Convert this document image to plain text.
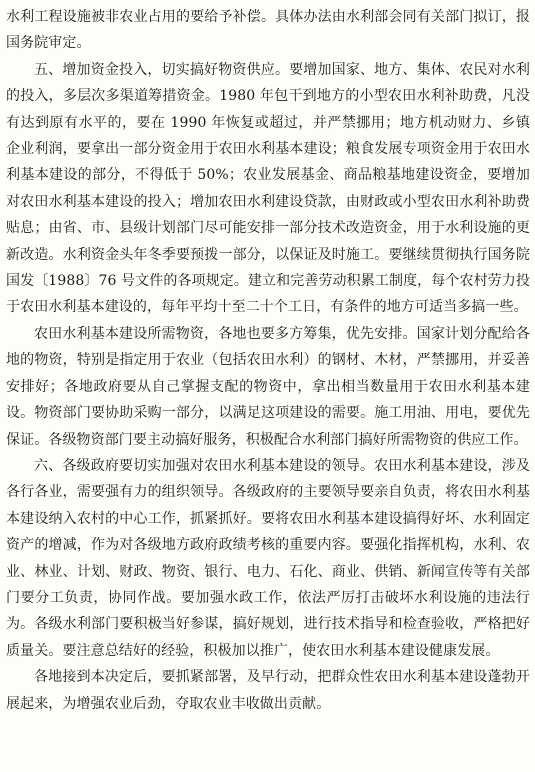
水利工程设施被非农业占用的要给予补偿。具体办法由水利部会同有关部门拟订，报国务院审定。

五、增加资金投入，切实搞好物资供应。要增加国家、地方、集体、农民对水利的投入，多层次多渠道筹措资金。1980 年包干到地方的小型农田水利补助费，凡没有达到原有水平的，要在 1990 年恢复或超过，并严禁挪用；地方机动财力、乡镇企业利润，要拿出一部分资金用于农田水利基本建设；粮食发展专项资金用于农田水利基本建设的部分，不得低于 50%；农业发展基金、商品粮基地建设资金，要增加对农田水利基本建设的投入；增加农田水利建设贷款，由财政或小型农田水利补助费贴息；由省、市、县级计划部门尽可能安排一部分技术改造资金，用于水利设施的更新改造。水利资金头年冬季要预拨一部分，以保证及时施工。要继续贯彻执行国务院国发〔1988〕76 号文件的各项规定。建立和完善劳动积累工制度，每个农村劳力投于农田水利基本建设的，每年平均十至二十个工日，有条件的地方可适当多搞一些。

农田水利基本建设所需物资，各地也要多方筹集，优先安排。国家计划分配给各地的物资，特别是指定用于农业（包括农田水利）的钢材、木材，严禁挪用，并妥善安排好；各地政府要从自己掌握支配的物资中，拿出相当数量用于农田水利基本建设。物资部门要协助采购一部分，以满足这项建设的需要。施工用油、用电，要优先保证。各级物资部门要主动搞好服务，积极配合水利部门搞好所需物资的供应工作。

六、各级政府要切实加强对农田水利基本建设的领导。农田水利基本建设，涉及各行各业，需要强有力的组织领导。各级政府的主要领导要亲自负责，将农田水利基本建设纳入农村的中心工作，抓紧抓好。要将农田水利基本建设搞得好坏、水利固定资产的增减，作为对各级地方政府政绩考核的重要内容。要强化指挥机构，水利、农业、林业、计划、财政、物资、银行、电力、石化、商业、供销、新闻宣传等有关部门要分工负责，协同作战。要加强水政工作，依法严厉打击破坏水利设施的违法行为。各级水利部门要积极当好参谋，搞好规划，进行技术指导和检查验收，严格把好质量关。要注意总结好的经验，积极加以推广，使农田水利基本建设健康发展。

各地接到本决定后，要抓紧部署，及早行动，把群众性农田水利基本建设蓬勃开展起来，为增强农业后劲，夺取农业丰收做出贡献。
